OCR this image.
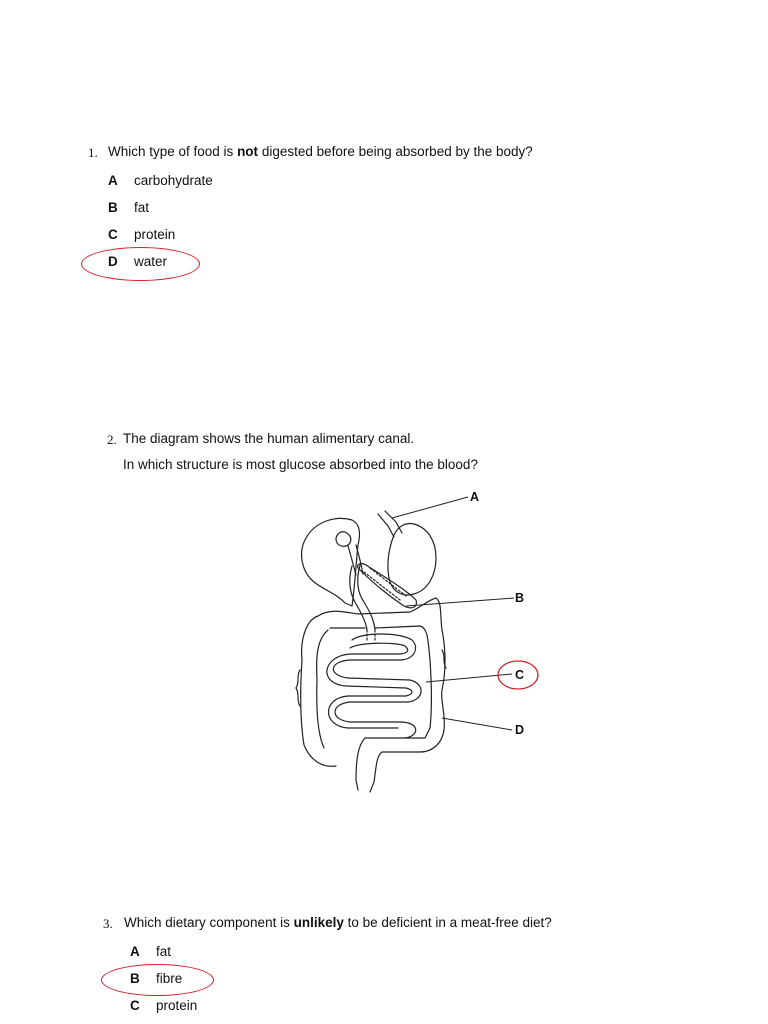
1. Which type of food is not digested before being absorbed by the body?
A carbohydrate
B fat
C protein
D water
2. The diagram shows the human alimentary canal.
In which structure is most glucose absorbed into the blood?
A
B
C
D
3. Which dietary component is unlikely to be deficient in a meat-free diet?
A fat
B fibre
C protein
